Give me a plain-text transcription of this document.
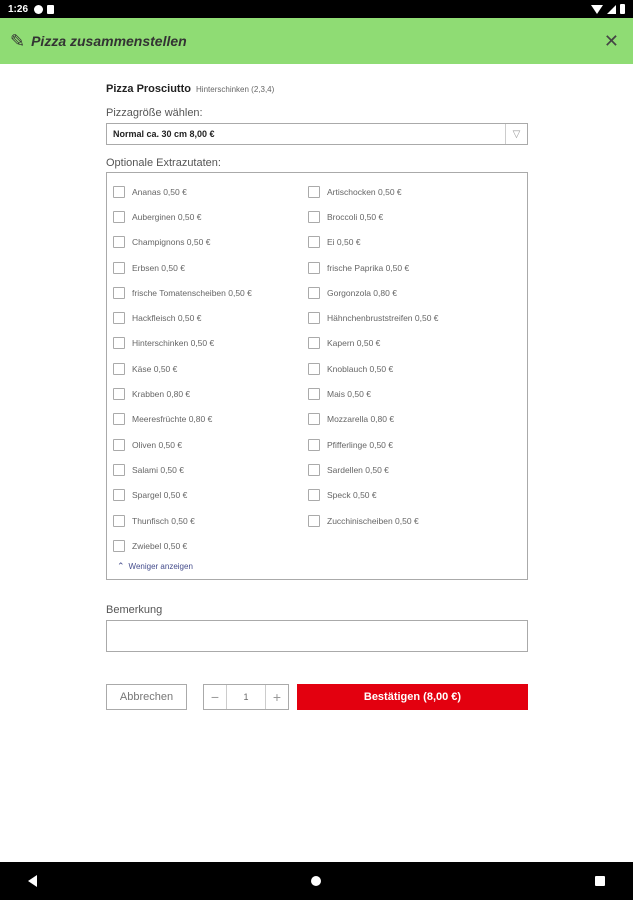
1:26
✎ Pizza zusammenstellen	✕
Pizza Prosciutto Hinterschinken (2,3,4)
Pizzagröße wählen:
Normal ca. 30 cm 8,00 €	▽
Optionale Extrazutaten:
Ananas 0,50 €	Artischocken 0,50 €
Auberginen 0,50 €	Broccoli 0,50 €
Champignons 0,50 €	Ei 0,50 €
Erbsen 0,50 €	frische Paprika 0,50 €
frische Tomatenscheiben 0,50 €	Gorgonzola 0,80 €
Hackfleisch 0,50 €	Hähnchenbruststreifen 0,50 €
Hinterschinken 0,50 €	Kapern 0,50 €
Käse 0,50 €	Knoblauch 0,50 €
Krabben 0,80 €	Mais 0,50 €
Meeresfrüchte 0,80 €	Mozzarella 0,80 €
Oliven 0,50 €	Pfifferlinge 0,50 €
Salami 0,50 €	Sardellen 0,50 €
Spargel 0,50 €	Speck 0,50 €
Thunfisch 0,50 €	Zucchinischeiben 0,50 €
Zwiebel 0,50 €
⌃ Weniger anzeigen
Bemerkung
Abbrechen	−	1	+	Bestätigen (8,00 €)
